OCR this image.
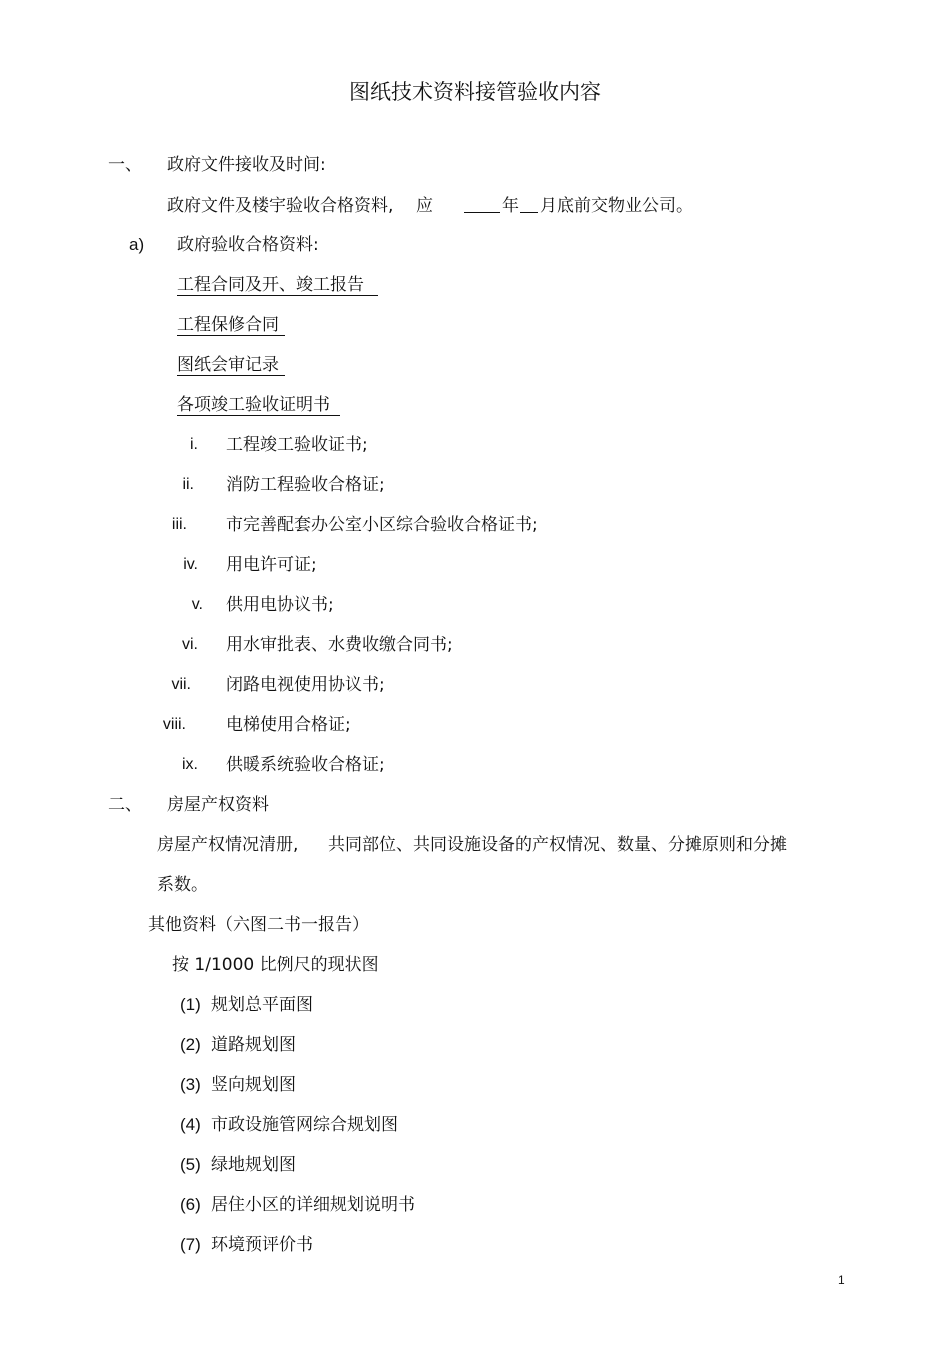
图纸技术资料接管验收内容
一、 政府文件接收及时间:
政府文件及楼宇验收合格资料, 应	年 月底前交物业公司。
a) 政府验收合格资料:
工程合同及开、竣工报告
工程保修合同
图纸会审记录
各项竣工验收证明书
i. 工程竣工验收证书;
ii. 消防工程验收合格证;
iii. 市完善配套办公室小区综合验收合格证书;
iv. 用电许可证;
v. 供用电协议书;
vi. 用水审批表、水费收缴合同书;
vii. 闭路电视使用协议书;
viii. 电梯使用合格证;
ix. 供暖系统验收合格证;
二、 房屋产权资料
房屋产权情况清册, 共同部位、共同设施设备的产权情况、数量、分摊原则和分摊
系数。
其他资料（六图二书一报告）
按 1/1000 比例尺的现状图
(1) 规划总平面图
(2) 道路规划图
(3) 竖向规划图
(4) 市政设施管网综合规划图
(5) 绿地规划图
(6) 居住小区的详细规划说明书
(7) 环境预评价书
1
